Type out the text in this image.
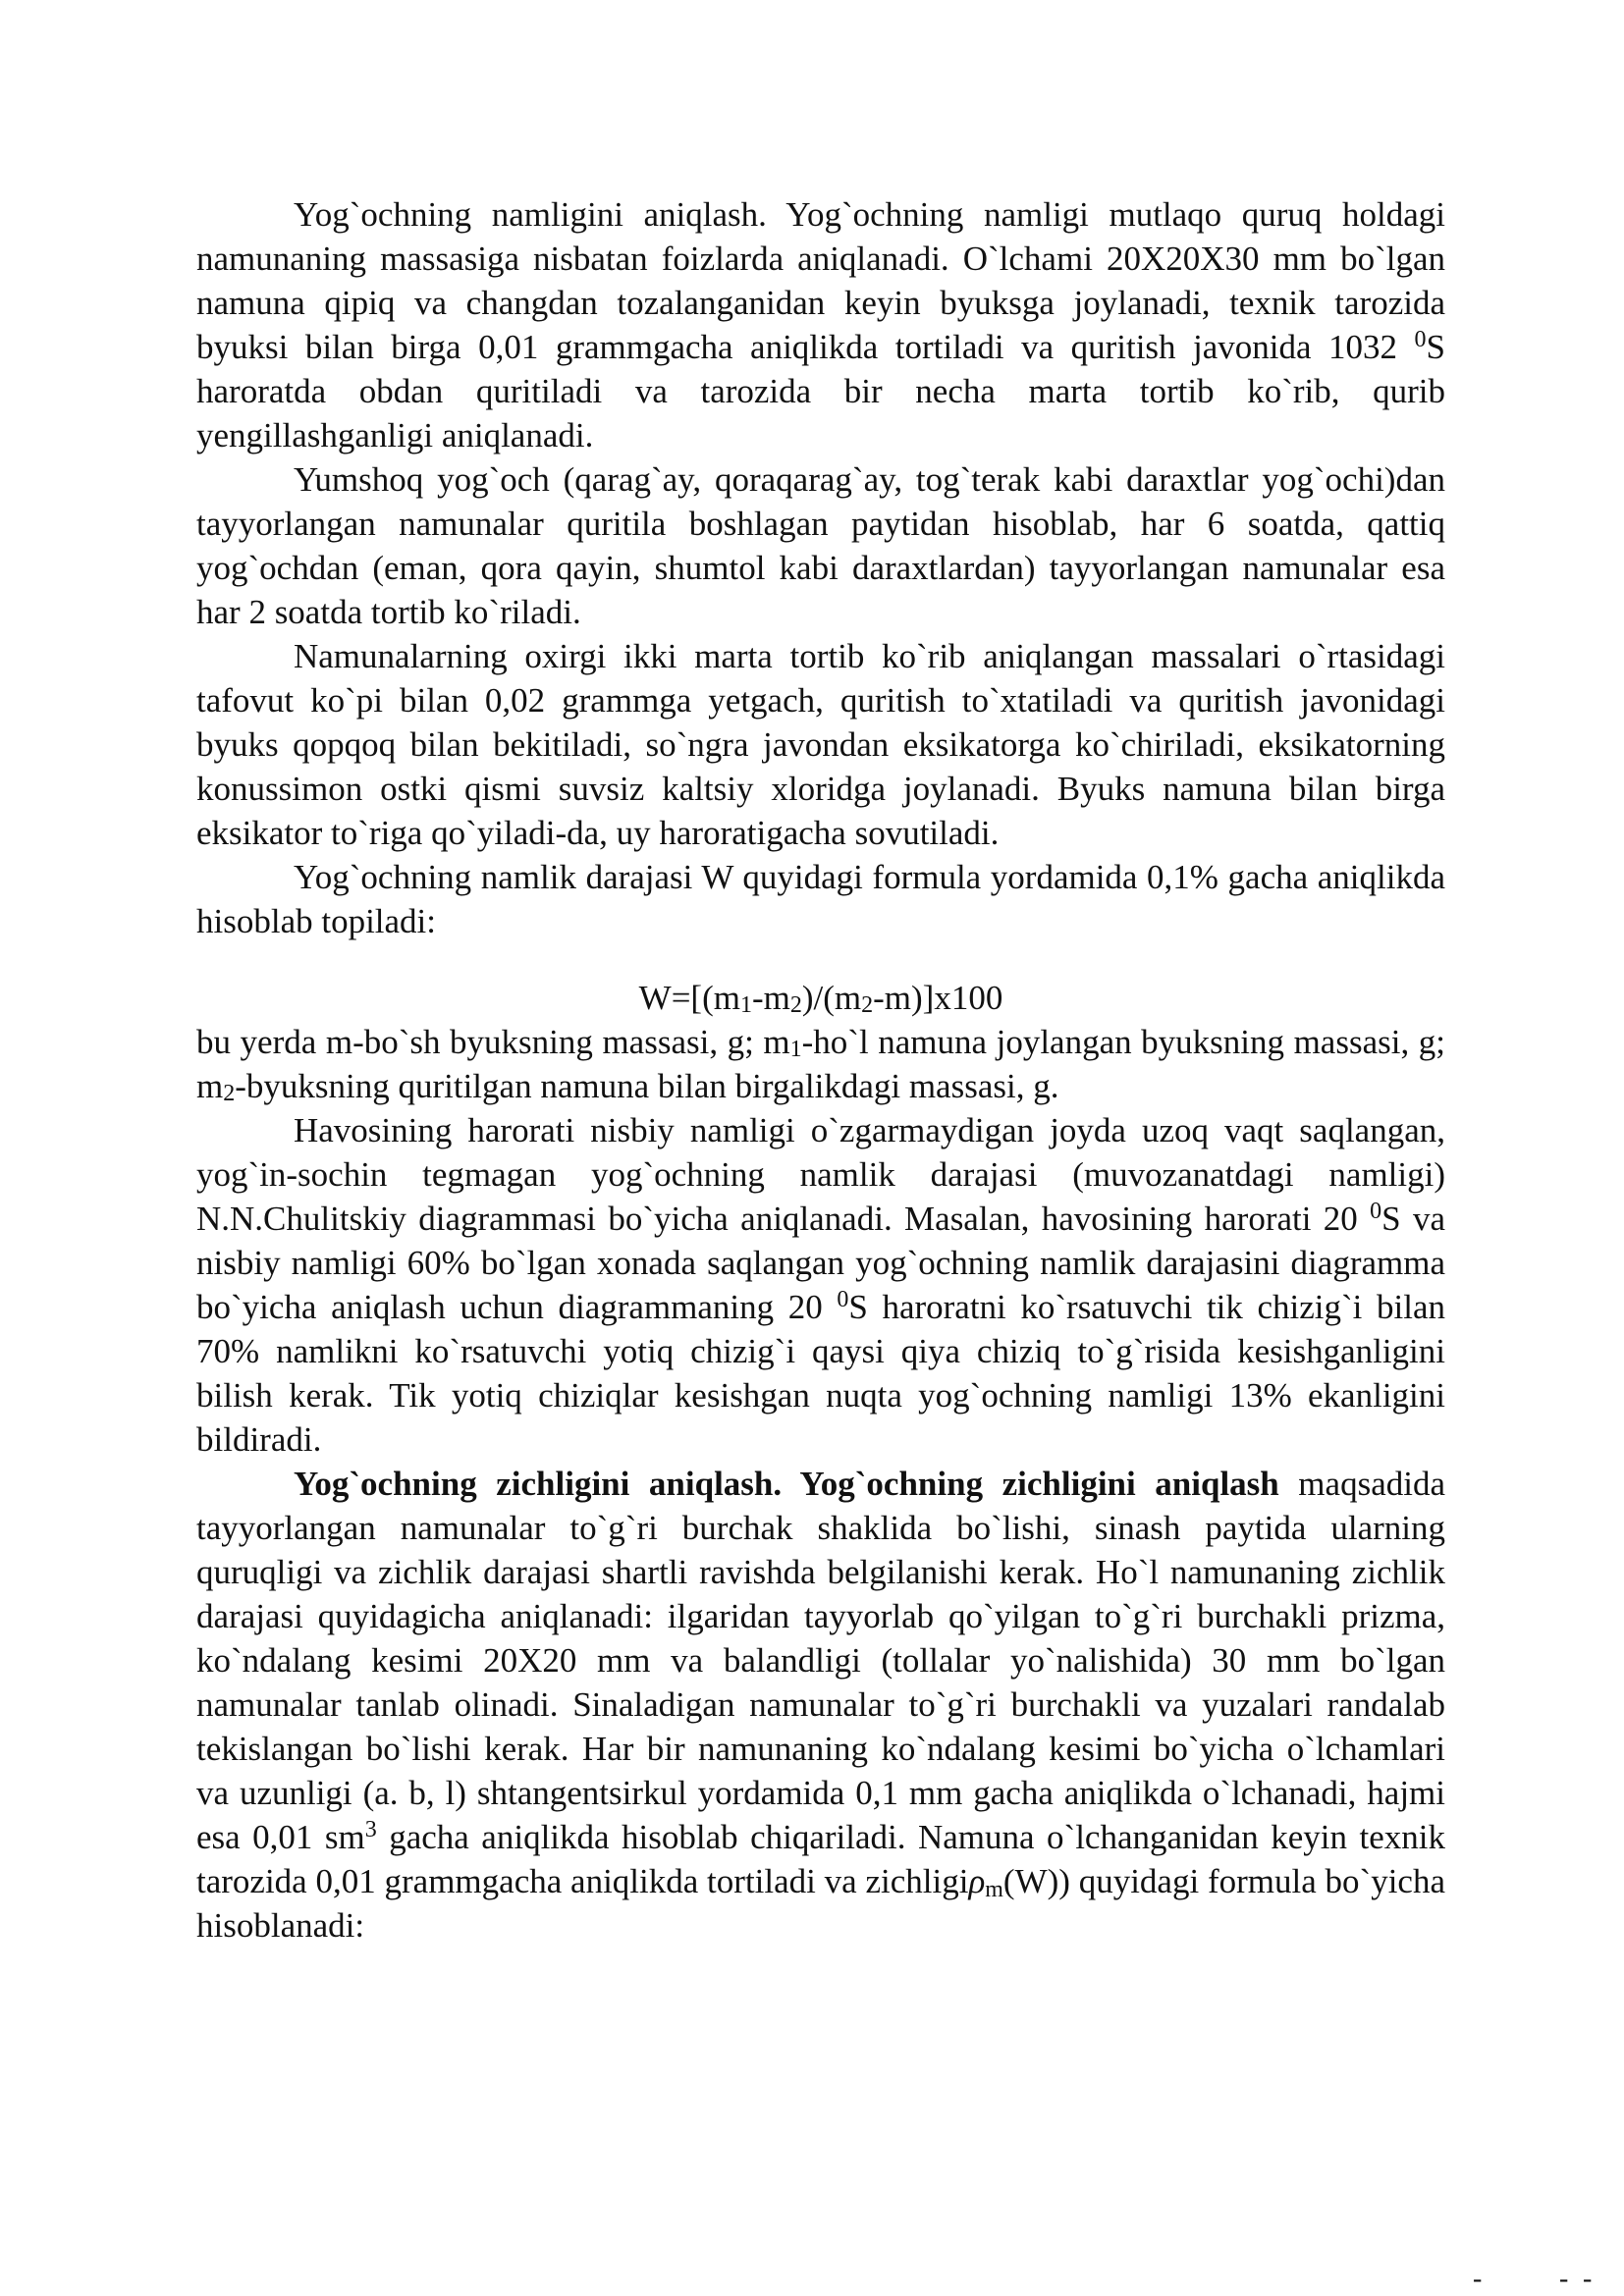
Yog`ochning namligini aniqlash. Yog`ochning namligi mutlaqo quruq holdagi namunaning massasiga nisbatan foizlarda aniqlanadi. O`lchami 20X20X30 mm bo`lgan namuna qipiq va changdan tozalanganidan keyin byuksga joylanadi, texnik tarozida byuksi bilan birga 0,01 grammgacha aniqlikda tortiladi va quritish javonida 1032 $^0$S haroratda obdan quritiladi va tarozida bir necha marta tortib ko`rib, qurib yengillashganligi aniqlanadi.

Yumshoq yog`och (qarag`ay, qoraqarag`ay, tog`terak kabi daraxtlar yog`ochi)dan tayyorlangan namunalar quritila boshlagan paytidan hisoblab, har 6 soatda, qattiq yog`ochdan (eman, qora qayin, shumtol kabi daraxtlardan) tayyorlangan namunalar esa har 2 soatda tortib ko`riladi.

Namunalarning oxirgi ikki marta tortib ko`rib aniqlangan massalari o`rtasidagi tafovut ko`pi bilan 0,02 grammga yetgach, quritish to`xtatiladi va quritish javonidagi byuks qopqoq bilan bekitiladi, so`ngra javondan eksikatorga ko`chiriladi, eksikatorning konussimon ostki qismi suvsiz kaltsiy xloridga joylanadi. Byuks namuna bilan birga eksikator to`riga qo`yiladi-da, uy haroratigacha sovutiladi.

Yog`ochning namlik darajasi W quyidagi formula yordamida 0,1% gacha aniqlikda hisoblab topiladi:

$W=[(m_1-m_2)/(m_2-m)]x100$

bu yerda m-bo`sh byuksning massasi, g; $m_1-ho`l$ namuna joylangan byuksning massasi, g; $m_2$-byuksning quritilgan namuna bilan birgalikdagi massasi, g.

Havosining harorati nisbiy namligi o`zgarmaydigan joyda uzoq vaqt saqlangan, yog`in-sochin tegmagan yog`ochning namlik darajasi (muvozanatdagi namligi) N.N.Chulitskiy diagrammasi bo`yicha aniqlanadi. Masalan, havosining harorati 20 $^0$S va nisbiy namligi 60% bo`lgan xonada saqlangan yog`ochning namlik darajasini diagramma bo`yicha aniqlash uchun diagrammaning 20 $^0$S haroratni ko`rsatuvchi tik chizig`i bilan 70% namlikni ko`rsatuvchi yotiq chizig`i qaysi qiya chiziq to`g`risida kesishganligini bilish kerak. Tik yotiq chiziqlar kesishgan nuqta yog`ochning namligi 13% ekanligini bildiradi.

Yog`ochning zichligini aniqlash. Yog`ochning zichligini aniqlash maqsadida tayyorlangan namunalar to`g`ri burchak shaklida bo`lishi, sinash paytida ularning quruqligi va zichlik darajasi shartli ravishda belgilanishi kerak. Ho`l namunaning zichlik darajasi quyidagicha aniqlanadi: ilgaridan tayyorlab qo`yilgan to`g`ri burchakli prizma, ko`ndalang kesimi 20X20 mm va balandligi (tollalar yo`nalishida) 30 mm bo`lgan namunalar tanlab olinadi. Sinaladigan namunalar to`g`ri burchakli va yuzalari randalab tekislangan bo`lishi kerak. Har bir namunaning ko`ndalang kesimi bo`yicha o`lchamlari va uzunligi (a. b, l) shtangentsirkul yordamida 0,1 mm gacha aniqlikda o`lchanadi, hajmi esa 0,01 $sm^3$ gacha aniqlikda hisoblab chiqariladi. Namuna o`lchanganidan keyin texnik tarozida 0,01 grammgacha aniqlikda tortiladi va zichligiρm(W)) quyidagi formula bo`yicha hisoblanadi:

-	- -
